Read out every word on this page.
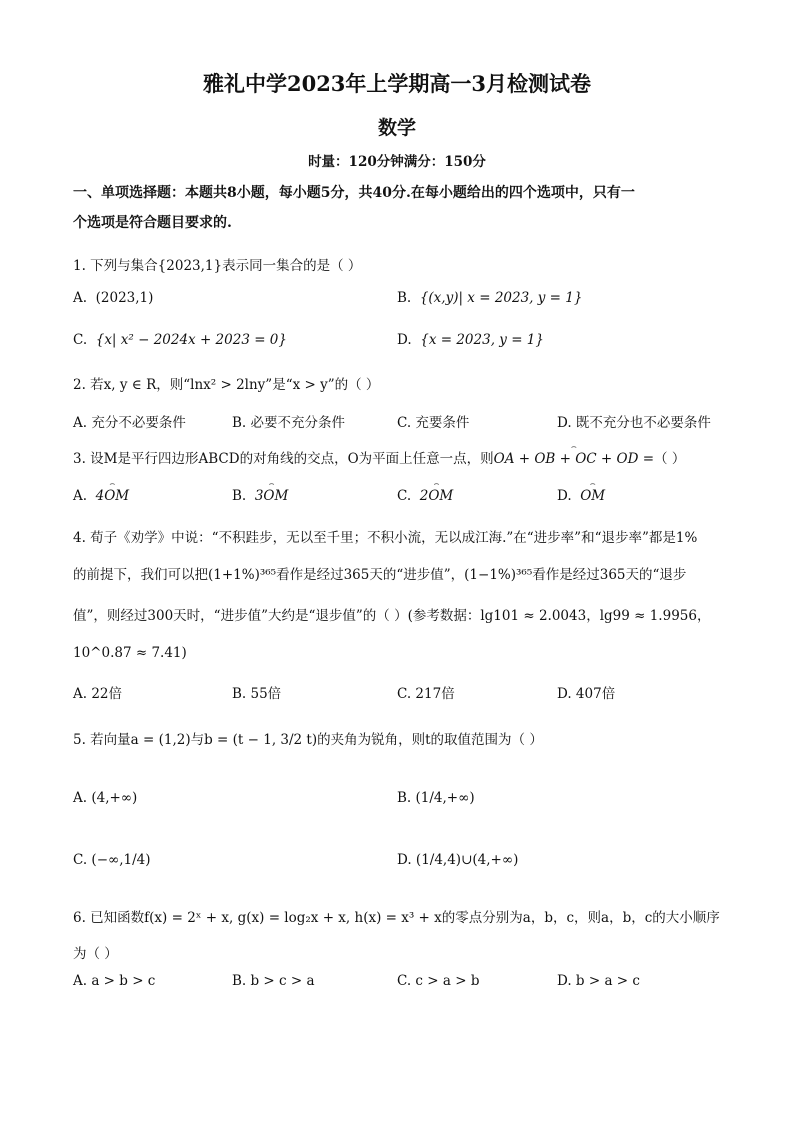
雅礼中学2023年上学期高一3月检测试卷
数学
时量：120分钟满分：150分
一、单项选择题：本题共8小题，每小题5分，共40分.在每小题给出的四个选项中，只有一
个选项是符合题目要求的.
1. 下列与集合{2023,1}表示同一集合的是（ ）
A. (2023,1)	B. {(x,y)| x = 2023, y = 1}
C. {x| x² − 2024x + 2023 = 0}	D. {x = 2023, y = 1}
2. 若x, y ∈ R，则“lnx² > 2lny”是“x > y”的（ ）
A. 充分不必要条件	B. 必要不充分条件	C. 充要条件	D. 既不充分也不必要条件
3. 设M是平行四边形ABCD的对角线的交点，O为平面上任意一点，则⌢ OA + OB + OC + OD =（ ）
A. ⌢ 4OM	B. ⌢ 3OM	C. ⌢ 2OM	D. ⌢ OM
4. 荀子《劝学》中说：“不积跬步，无以至千里；不积小流，无以成江海.”在“进步率”和“退步率”都是1%
的前提下，我们可以把(1+1%)³⁶⁵看作是经过365天的“进步值”，(1−1%)³⁶⁵看作是经过365天的“退步
值”，则经过300天时，“进步值”大约是“退步值”的（ ）(参考数据：lg101 ≈ 2.0043，lg99 ≈ 1.9956，
10^0.87 ≈ 7.41)
A. 22倍	B. 55倍	C. 217倍	D. 407倍
5. 若向量a = (1,2)与b = (t − 1, 3/2 t)的夹角为锐角，则t的取值范围为（ ）
A. (4,+∞)	B. (1/4,+∞)
C. (−∞,1/4)	D. (1/4,4)∪(4,+∞)
6. 已知函数f(x) = 2ˣ + x, g(x) = log₂x + x, h(x) = x³ + x的零点分别为a，b，c，则a，b，c的大小顺序
为（ ）
A. a > b > c	B. b > c > a	C. c > a > b	D. b > a > c
